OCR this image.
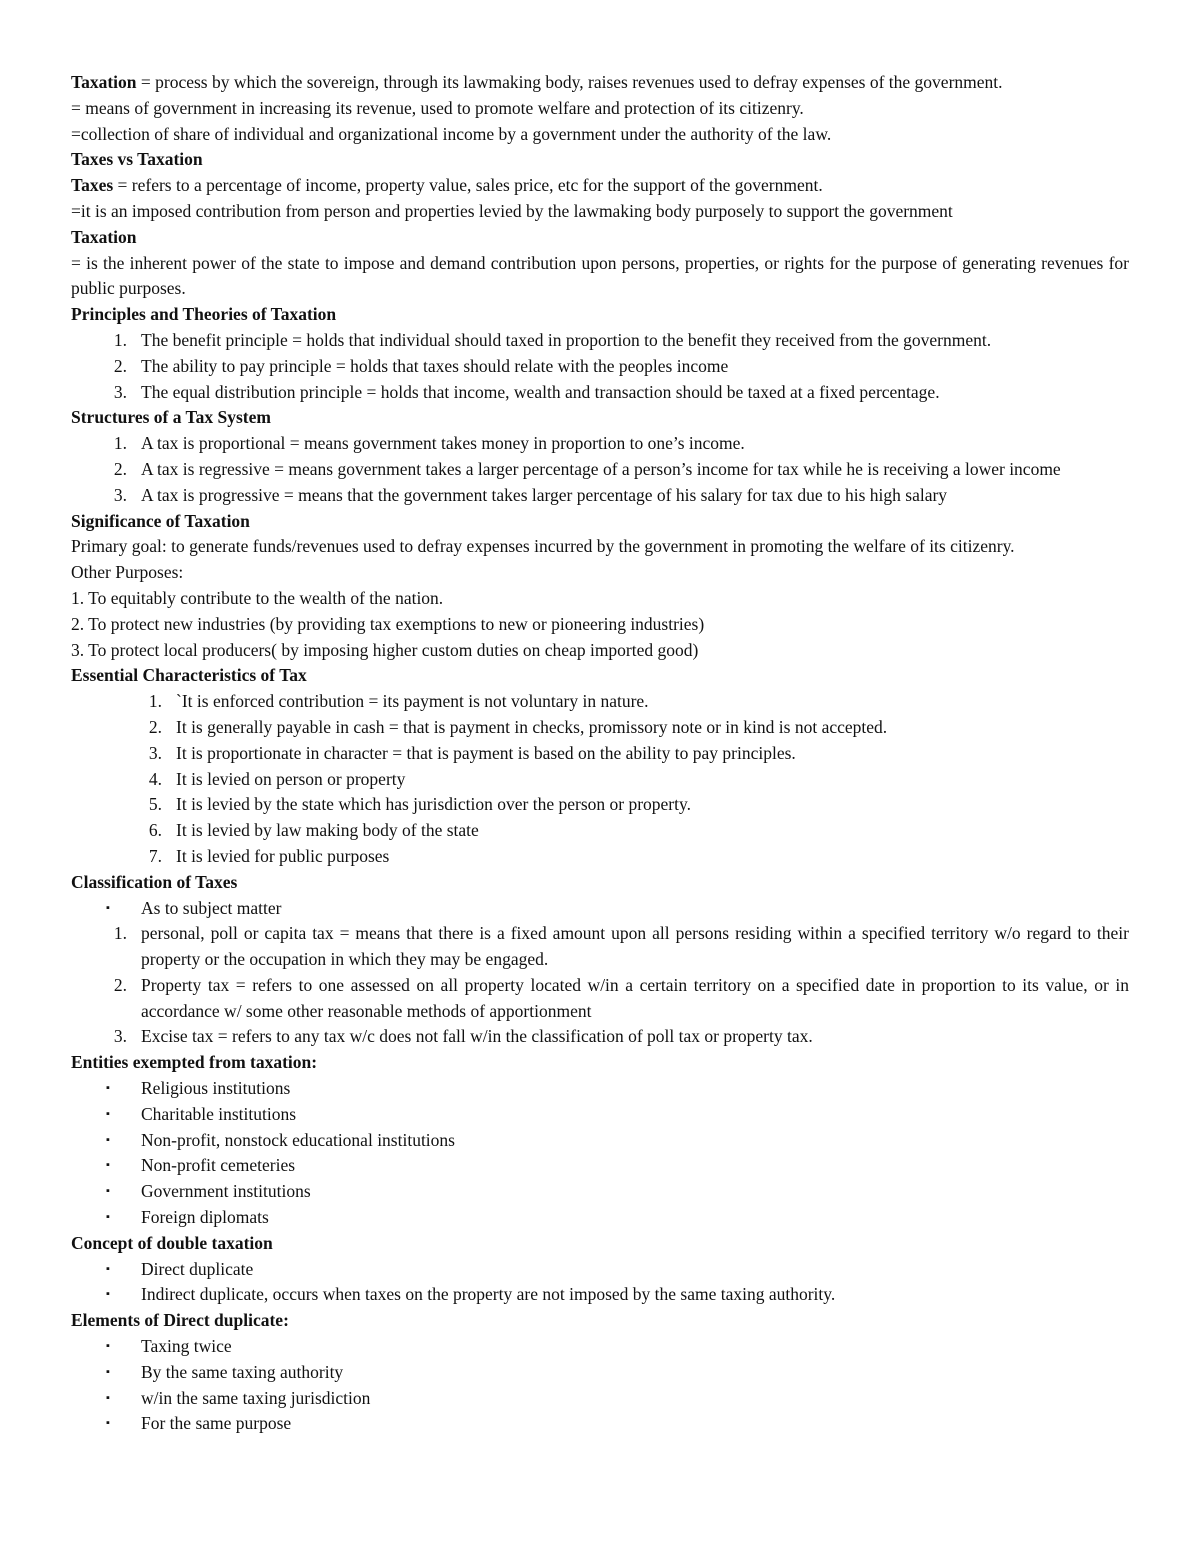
Taxation = process by which the sovereign, through its lawmaking body, raises revenues used to defray expenses of the government.

= means of government in increasing its revenue, used to promote welfare and protection of its citizenry.

=collection of share of individual and organizational income by a government under the authority of the law.

Taxes vs Taxation

Taxes = refers to a percentage of income, property value, sales price, etc for the support of the government.

=it is an imposed contribution from person and properties levied by the lawmaking body purposely to support the government

Taxation

= is the inherent power of the state to impose and demand contribution upon persons, properties, or rights for the purpose of generating revenues for public purposes.

Principles and Theories of Taxation

1. The benefit principle = holds that individual should taxed in proportion to the benefit they received from the government.
2. The ability to pay principle = holds that taxes should relate with the peoples income
3. The equal distribution principle = holds that income, wealth and transaction should be taxed at a fixed percentage.

Structures of a Tax System

1. A tax is proportional = means government takes money in proportion to one’s income.
2. A tax is regressive = means government takes a larger percentage of a person’s income for tax while he is receiving a lower income
3. A tax is progressive = means that the government takes larger percentage of his salary for tax due to his high salary

Significance of Taxation

Primary goal: to generate funds/revenues used to defray expenses incurred by the government in promoting the welfare of its citizenry.

Other Purposes:

1. To equitably contribute to the wealth of the nation.

2. To protect new industries (by providing tax exemptions to new or pioneering industries)

3. To protect local producers( by imposing higher custom duties on cheap imported good)

Essential Characteristics of Tax

1. `It is enforced contribution = its payment is not voluntary in nature.
2. It is generally payable in cash = that is payment in checks, promissory note or in kind is not accepted.
3. It is proportionate in character = that is payment is based on the ability to pay principles.
4. It is levied on person or property
5. It is levied by the state which has jurisdiction over the person or property.
6. It is levied by law making body of the state
7. It is levied for public purposes

Classification of Taxes

▪ As to subject matter
1. personal, poll or capita tax = means that there is a fixed amount upon all persons residing within a specified territory w/o regard to their property or the occupation in which they may be engaged.
2. Property tax = refers to one assessed on all property located w/in a certain territory on a specified date in proportion to its value, or in accordance w/ some other reasonable methods of apportionment
3. Excise tax = refers to any tax w/c does not fall w/in the classification of poll tax or property tax.

Entities exempted from taxation:

▪ Religious institutions
▪ Charitable institutions
▪ Non-profit, nonstock educational institutions
▪ Non-profit cemeteries
▪ Government institutions
▪ Foreign diplomats

Concept of double taxation

▪ Direct duplicate
▪ Indirect duplicate, occurs when taxes on the property are not imposed by the same taxing authority.

Elements of Direct duplicate:

▪ Taxing twice
▪ By the same taxing authority
▪ w/in the same taxing jurisdiction
▪ For the same purpose
